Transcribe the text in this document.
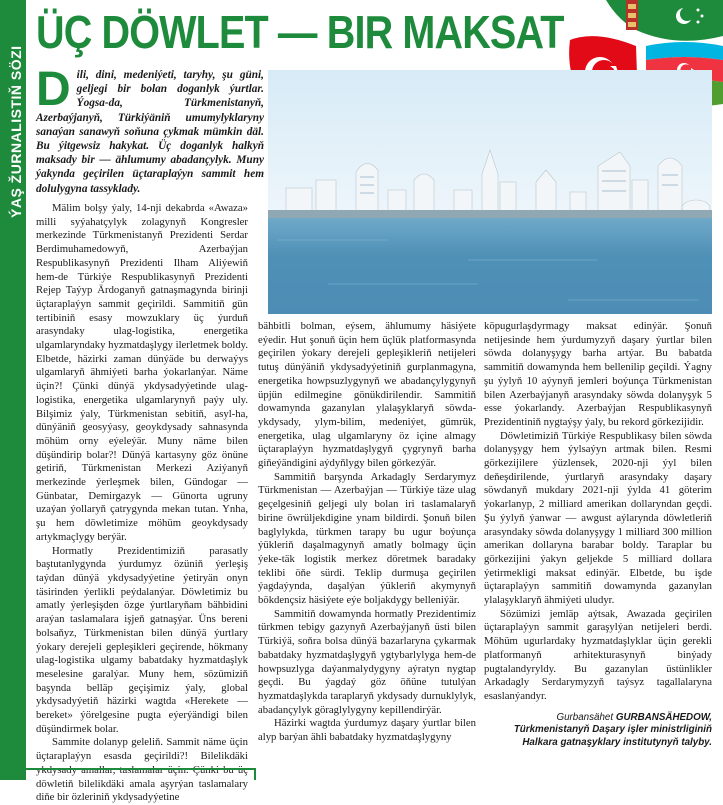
ÝAŞ ŽURNALISTIŇ SÖZI
ÜÇ DÖWLET — BIR MAKSAT
Dili, dini, medeniýeti, taryhy, şu güni, geljegi bir bolan doganlyk ýurtlar. Ýogsa-da, Türkmenistanyň, Azerbaýjanyň, Türkiýäniň umumylyklaryny sanaýan sanawyň soňuna çykmak mümkin däl. Bu ýitgewsiz hakykat. Üç doganlyk halkyň maksady bir — ählumumy abadançylyk. Muny ýakynda geçirilen üçtaraplaýyn sammit hem dolulygyna tassyklady.

Mälim bolşy ýaly, 14-nji dekabrda «Awaza» milli syýahatçylyk zolagynyň Kongresler merkezinde Türkmenistanyň Prezidenti Serdar Berdimuhamedowyň, Azerbaýjan Respublikasynyň Prezidenti Ilham Aliýewiň hem-de Türkiýe Respublikasynyň Prezidenti Rejep Taýyp Ärdoganyň gatnaşmagynda birinji üçtaraplaýyn sammit geçirildi. Sammitiň gün tertibiniň esasy mowzuklary üç ýurduň arasyndaky ulag-logistika, energetika ulgamlaryndaky hyzmatdaşlygy ilerletmek boldy. Elbetde, häzirki zaman dünýäde bu derwaýys ulgamlaryň ähmiýeti barha ýokarlanýar. Näme üçin?! Çünki dünýä ykdysadyýetinde ulag-logistika, energetika ulgamlarynyň paýy uly. Bilşimiz ýaly, Türkmenistan sebitiň, asyl-ha, dünýäniň geosyýasy, geoykdysady sahnasynda möhüm orny eýeleýär. Muny näme bilen düşündirip bolar?! Dünýä kartasyny göz önüne getiriň, Türkmenistan Merkezi Aziýanyň merkezinde ýerleşmek bilen, Gündogar — Günbatar, Demirgazyk — Günorta ugruny uzaýan ýollaryň çatrygynda mekan tutan. Ynha, şu hem döwletimize möhüm geoykdysady artykmaçlygy berýär.

Hormatly Prezidentimiziň parasatly baştutanlygynda ýurdumyz özüniň ýerleşiş taýdan dünýä ykdysadyýetine ýetiryän onyn täsirinden ýerlikli peýdalanýar. Döwletimiz bu amatly ýerleşişden özge ýurtlaryňam bähbidini araýan taslamalara işjeň gatnaşýar. Üns bereni bolsaňyz, Türkmenistan bilen dünýä ýurtlary ýokary derejeli gepleşikleri geçirende, hökmany ulag-logistika ulgamy babatdaky hyzmatdaşlyk meselesine garalýar. Muny hem, sözümiziň başynda belläp geçişimiz ýaly, global ykdysadyýetiň häzirki wagtda «Herekete — bereket» ýörelgesine pugta eýerýändigi bilen düşündirmek bolar.

Sammite dolanyp geleliň. Sammit näme üçin üçtaraplaýyn esasda geçirildi?! Bilelikdäki ykdysady amallar, taslamalar üçin. Çünki bu üç döwletiň bilelikdäki amala aşyrýan taslamalary diňe bir özleriniň ykdysadyýetine

bähbitli bolman, eýsem, ählumumy häsiýete eýedir. Hut şonuň üçin hem üçlük platformasynda geçirilen ýokary derejeli gepleşikleriň netijeleri tutuş dünýäniň ykdysadyýetiniň gurplanmagyna, energetika howpsuzlygynyň we abadançylygynyň üpjün edilmegine gönükdirilendir. Sammitiň dowamynda gazanylan ylalaşyklaryň söwda-ykdysady, ylym-bilim, medeniýet, gümrük, energetika, ulag ulgamlaryny öz içine almagy üçtaraplaýyn hyzmatdaşlygyň çygrynyň barha giňeýändigini aýdyňlygy bilen görkezýär.

Sammitiň barşynda Arkadagly Serdarymyz Türkmenistan — Azerbaýjan — Türkiýe täze ulag geçelgesiniň geljegi uly bolan iri taslamalaryň birine öwrüljekdigine ynam bildirdi. Şonuň bilen baglylykda, türkmen tarapy bu ugur boýunça ýükleriň daşalmagynyň amatly bolmagy üçin ýeke-täk logistik merkez döretmek baradaky teklibi öňe sürdi. Teklip durmuşa geçirilen ýagdaýynda, daşalýan ýükleriň akymynyň bökdençsiz häsiýete eýe boljakdygy belleniýär.

Sammitiň dowamynda hormatly Prezidentimiz türkmen tebigy gazynyň Azerbaýjanyň üsti bilen Türkiýä, soňra bolsa dünýä bazarlaryna çykarmak babatdaky hyzmatdaşlygyň ygtybarlylyga hem-de howpsuzlyga daýanmalydygyny aýratyn nygtap geçdi. Bu ýagdaý göz öňüne tutulýan hyzmatdaşlykda taraplaryň ykdysady durnuklylyk, abadançylyk göraglylygyny kepillendirýär.

Häzirki wagtda ýurdumyz daşary ýurtlar bilen alyp barýan ähli babatdaky hyzmatdaşlygyny

köpugurlaşdyrmagy maksat edinýär. Şonuň netijesinde hem ýurdumyzyň daşary ýurtlar bilen söwda dolanyşygy barha artýar. Bu babatda sammitiň dowamynda hem bellenilip geçildi. Ýagny şu ýylyň 10 aýynyň jemleri boýunça Türkmenistan bilen Azerbaýjanyň arasyndaky söwda dolanyşyk 5 esse ýokarlandy. Azerbaýjan Respublikasynyň Prezidentiniň nygtaýşy ýaly, bu rekord görkezijidir.

Döwletimiziň Türkiýe Respublikasy bilen söwda dolanyşygy hem ýylsaýyn artmak bilen. Resmi görkezijilere ýüzlensek, 2020-nji ýyl bilen deňeşdirilende, ýurtlaryň arasyndaky daşary söwdanyň mukdary 2021-nji ýylda 41 göterim ýokarlanyp, 2 milliard amerikan dollaryndan geçdi. Şu ýylyň ýanwar — awgust aýlarynda döwletleriň arasyndaky söwda dolanyşygy 1 milliard 300 million amerikan dollaryna barabar boldy. Taraplar bu görkezijini ýakyn geljekde 5 milliard dollara ýetirmekligi maksat edinýär. Elbetde, bu işde üçtaraplaýyn sammitiň dowamynda gazanylan ylalaşyklaryň ähmiýeti uludyr.

Sözümizi jemläp aýtsak, Awazada geçirilen üçtaraplaýyn sammit garaşylýan netijeleri berdi. Möhüm ugurlardaky hyzmatdaşlyklar üçin gerekli platformanyň arhitekturasynyň binýady pugtalandyryldy. Bu gazanylan üstünlikler Arkadagly Serdarymyzyň taýsyz tagallalaryna esaslanýandyr.

Gurbansähet GURBANSÄHEDOW,
Türkmenistanyň Daşary işler ministrliginiň Halkara gatnaşyklary institutynyň talyby.
